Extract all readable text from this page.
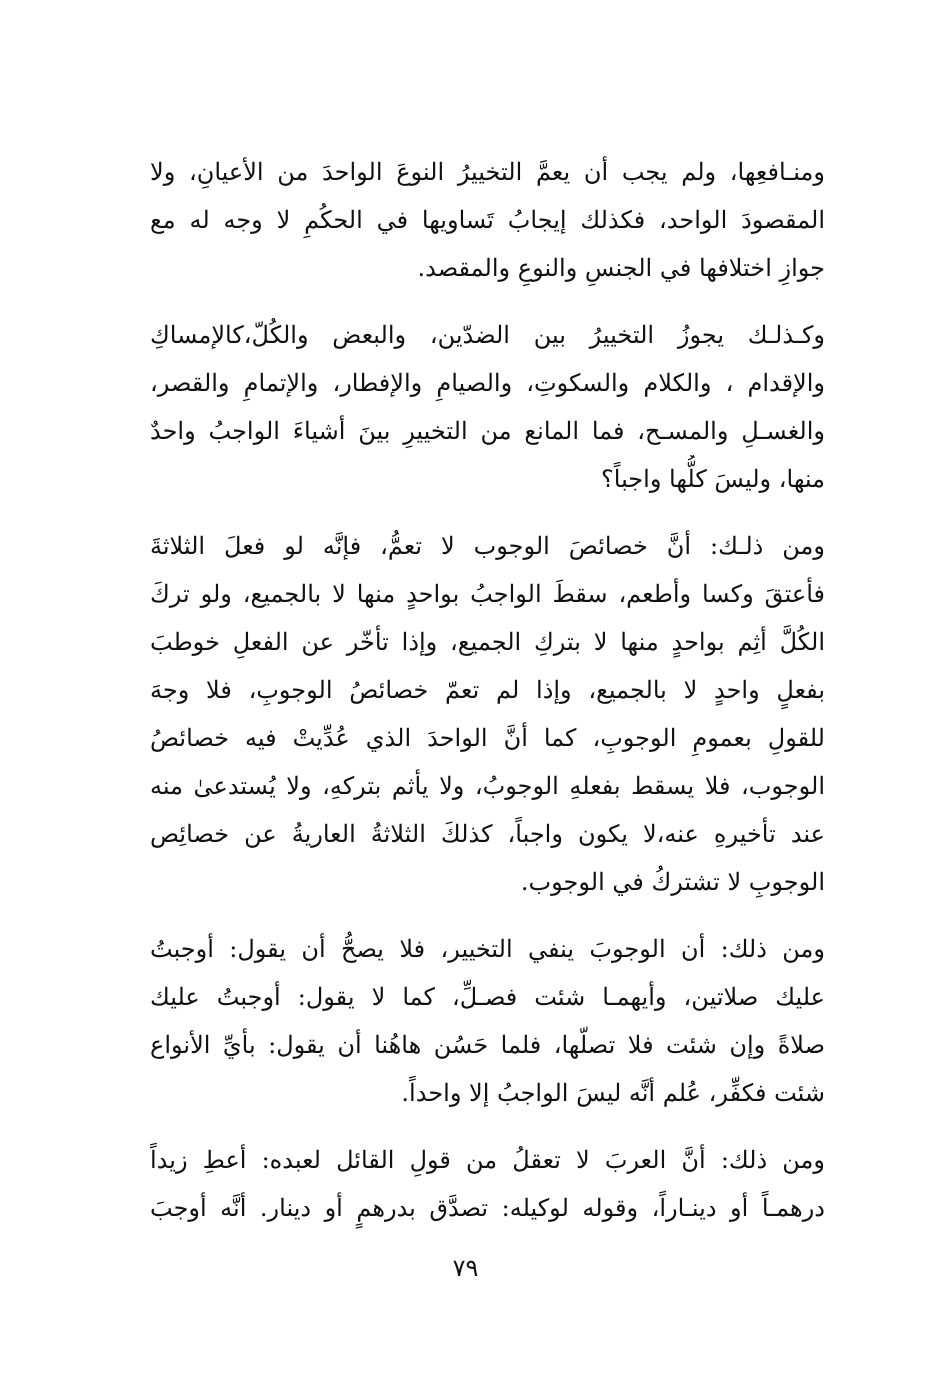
ومنـافعِها، ولم يجب أن يعمَّ التخييرُ النوعَ الواحدَ من الأعيانِ، ولا
المقصودَ الواحد، فكذلك إيجابُ تَساويها في الحكُمِ لا وجه له مع
جوازِ اختلافها في الجنسِ والنوعِ والمقصد.

وكـذلـك يجوزُ التخييرُ بين الضدّين، والبعض والكُلّ،كالإمساكِ
والإقدام ، والكلام والسكوتِ، والصيامِ والإفطار، والإتمامِ والقصر،
والغسـلِ والمسـح، فما المانع من التخييرِ بينَ أشياءَ الواجبُ واحدٌ
منها، وليسَ كلُّها واجباً؟

ومن ذلـك: أنَّ خصائصَ الوجوب لا تعمُّ، فإنَّه لو فعلَ الثلاثةَ
فأعتقَ وكسا وأطعم، سقطَ الواجبُ بواحدٍ منها لا بالجميع، ولو تركَ
الكُلَّ أثِم بواحدٍ منها لا بتركِ الجميع، وإذا تأخّر عن الفعلِ خوطبَ
بفعلٍ واحدٍ لا بالجميع، وإذا لم تعمّ خصائصُ الوجوبِ، فلا وجهَ
للقولِ بعمومِ الوجوبِ، كما أنَّ الواحدَ الذي عُدِّيتْ فيه خصائصُ
الوجوب، فلا يسقط بفعلهِ الوجوبُ، ولا يأثم بتركهِ، ولا يُستدعىٰ منه
عند تأخيرهِ عنه،لا يكون واجباً، كذلكَ الثلاثةُ العاريةُ عن خصائِص
الوجوبِ لا تشتركُ في الوجوب.

ومن ذلك: أن الوجوبَ ينفي التخيير، فلا يصحُّ أن يقول: أوجبتُ
عليك صلاتين، وأيهمـا شئت فصـلِّ، كما لا يقول: أوجبتُ عليك
صلاةً وإن شئت فلا تصلّها، فلما حَسُن هاهُنا أن يقول: بأيِّ الأنواع
شئت فكفِّر، عُلم أنَّه ليسَ الواجبُ إلا واحداً.

ومن ذلك: أنَّ العربَ لا تعقلُ من قولِ القائل لعبده: أعطِ زيداً
درهمـاً أو دينـاراً، وقوله لوكيله: تصدَّق بدرهمٍ أو دينار. أنَّه أوجبَ

٧٩
